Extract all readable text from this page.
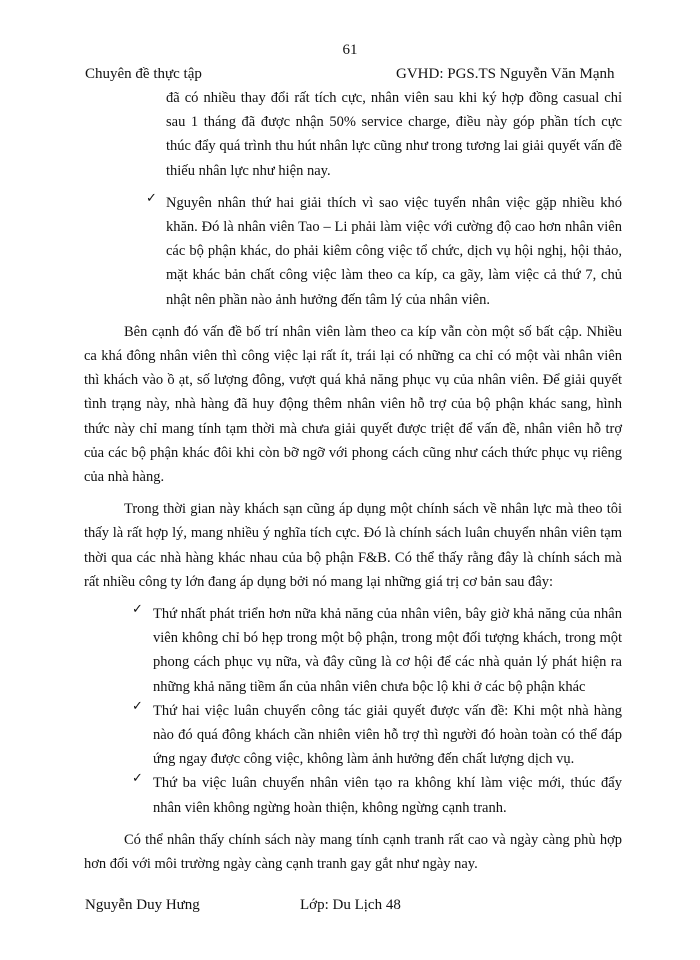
61
Chuyên đề thực tập	GVHD: PGS.TS Nguyễn Văn Mạnh

đã có nhiều thay đổi rất tích cực, nhân viên sau khi ký hợp đồng casual chỉ sau 1 tháng đã được nhận 50% service charge, điều này góp phần tích cực thúc đẩy quá trình thu hút nhân lực cũng như trong tương lai giải quyết vấn đề thiếu nhân lực như hiện nay.

✓ Nguyên nhân thứ hai giải thích vì sao việc tuyển nhân việc gặp nhiều khó khăn. Đó là nhân viên Tao – Li phải làm việc với cường độ cao hơn nhân viên các bộ phận khác, do phải kiêm công việc tổ chức, dịch vụ hội nghị, hội thảo, mặt khác bản chất công việc làm theo ca kíp, ca gãy, làm việc cả thứ 7, chủ nhật nên phần nào ảnh hưởng đến tâm lý của nhân viên.

Bên cạnh đó vấn đề bố trí nhân viên làm theo ca kíp vẫn còn một số bất cập. Nhiều ca khá đông nhân viên thì công việc lại rất ít, trái lại có những ca chỉ có một vài nhân viên thì khách vào ồ ạt, số lượng đông, vượt quá khả năng phục vụ của nhân viên. Để giải quyết tình trạng này, nhà hàng đã huy động thêm nhân viên hỗ trợ của bộ phận khác sang, hình thức này chỉ mang tính tạm thời mà chưa giải quyết được triệt để vấn đề, nhân viên hỗ trợ của các bộ phận khác đôi khi còn bỡ ngỡ với phong cách cũng như cách thức phục vụ riêng của nhà hàng.

Trong thời gian này khách sạn cũng áp dụng một chính sách về nhân lực mà theo tôi thấy là rất hợp lý, mang nhiều ý nghĩa tích cực. Đó là chính sách luân chuyển nhân viên tạm thời qua các nhà hàng khác nhau của bộ phận F&B. Có thể thấy rằng đây là chính sách mà rất nhiều công ty lớn đang áp dụng bởi nó mang lại những giá trị cơ bản sau đây:

✓ Thứ nhất phát triển hơn nữa khả năng của nhân viên, bây giờ khả năng của nhân viên không chỉ bó hẹp trong một bộ phận, trong một đối tượng khách, trong một phong cách phục vụ nữa, và đây cũng là cơ hội để các nhà quản lý phát hiện ra những khả năng tiềm ẩn của nhân viên chưa bộc lộ khi ở các bộ phận khác

✓ Thứ hai việc luân chuyển công tác giải quyết được vấn đề: Khi một nhà hàng nào đó quá đông khách cần nhiên viên hỗ trợ thì người đó hoàn toàn có thể đáp ứng ngay được công việc, không làm ảnh hưởng đến chất lượng dịch vụ.

✓ Thứ ba việc luân chuyển nhân viên tạo ra không khí làm việc mới, thúc đẩy nhân viên không ngừng hoàn thiện, không ngừng cạnh tranh.

Có thể nhân thấy chính sách này mang tính cạnh tranh rất cao và ngày càng phù hợp hơn đối với môi trường ngày càng cạnh tranh gay gắt như ngày nay.

Nguyễn Duy Hưng	Lớp: Du Lịch 48
